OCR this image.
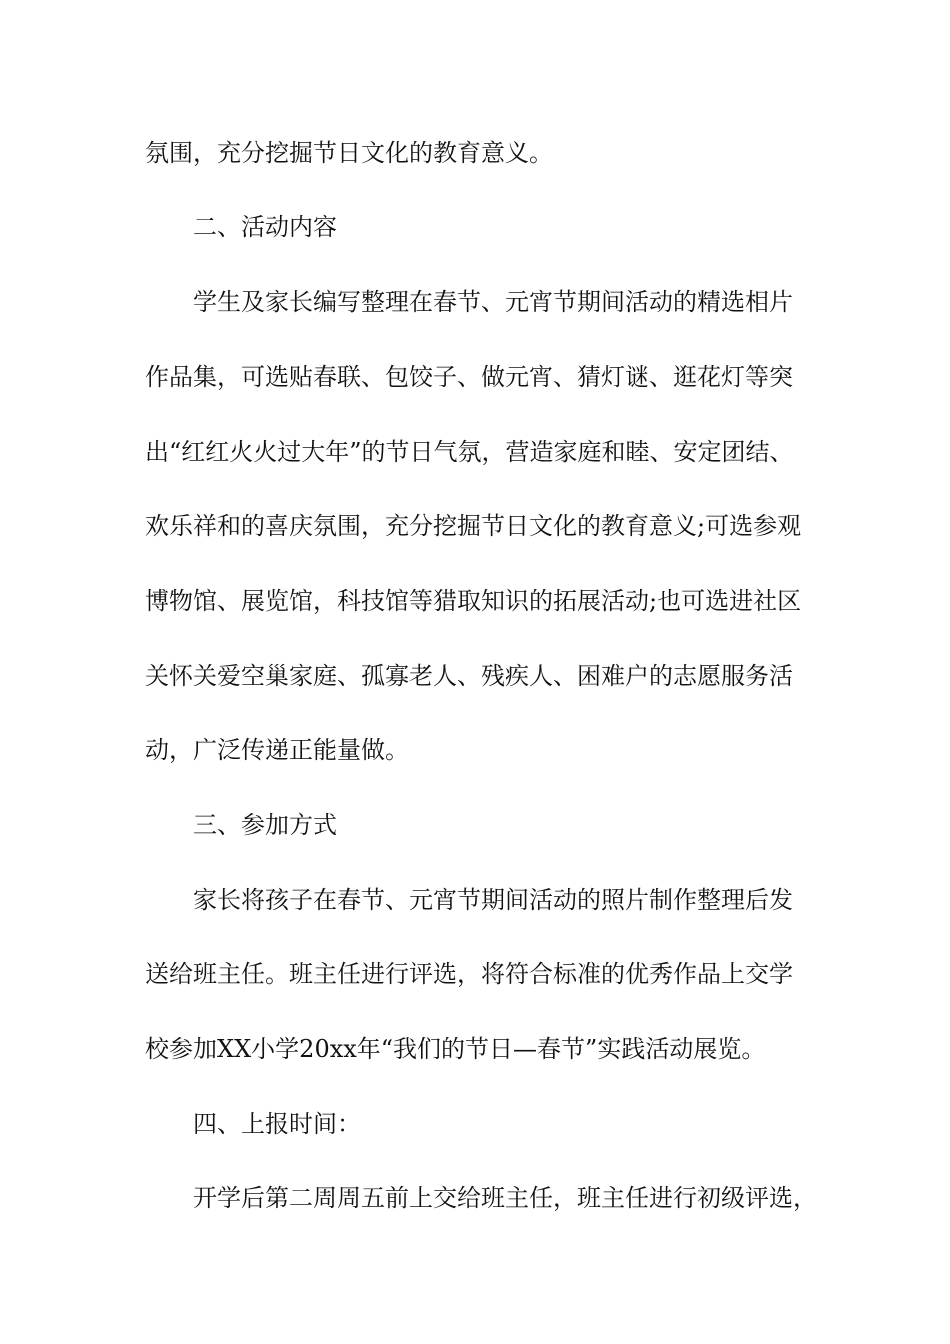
氛围，充分挖掘节日文化的教育意义。
二、活动内容
学生及家长编写整理在春节、元宵节期间活动的精选相片
作品集，可选贴春联、包饺子、做元宵、猜灯谜、逛花灯等突
出“红红火火过大年”的节日气氛，营造家庭和睦、安定团结、
欢乐祥和的喜庆氛围，充分挖掘节日文化的教育意义;可选参观
博物馆、展览馆，科技馆等猎取知识的拓展活动;也可选进社区
关怀关爱空巢家庭、孤寡老人、残疾人、困难户的志愿服务活
动，广泛传递正能量做。
三、参加方式
家长将孩子在春节、元宵节期间活动的照片制作整理后发
送给班主任。班主任进行评选，将符合标准的优秀作品上交学
校参加XX小学20xx年“我们的节日—春节”实践活动展览。
四、上报时间：
开学后第二周周五前上交给班主任，班主任进行初级评选，
